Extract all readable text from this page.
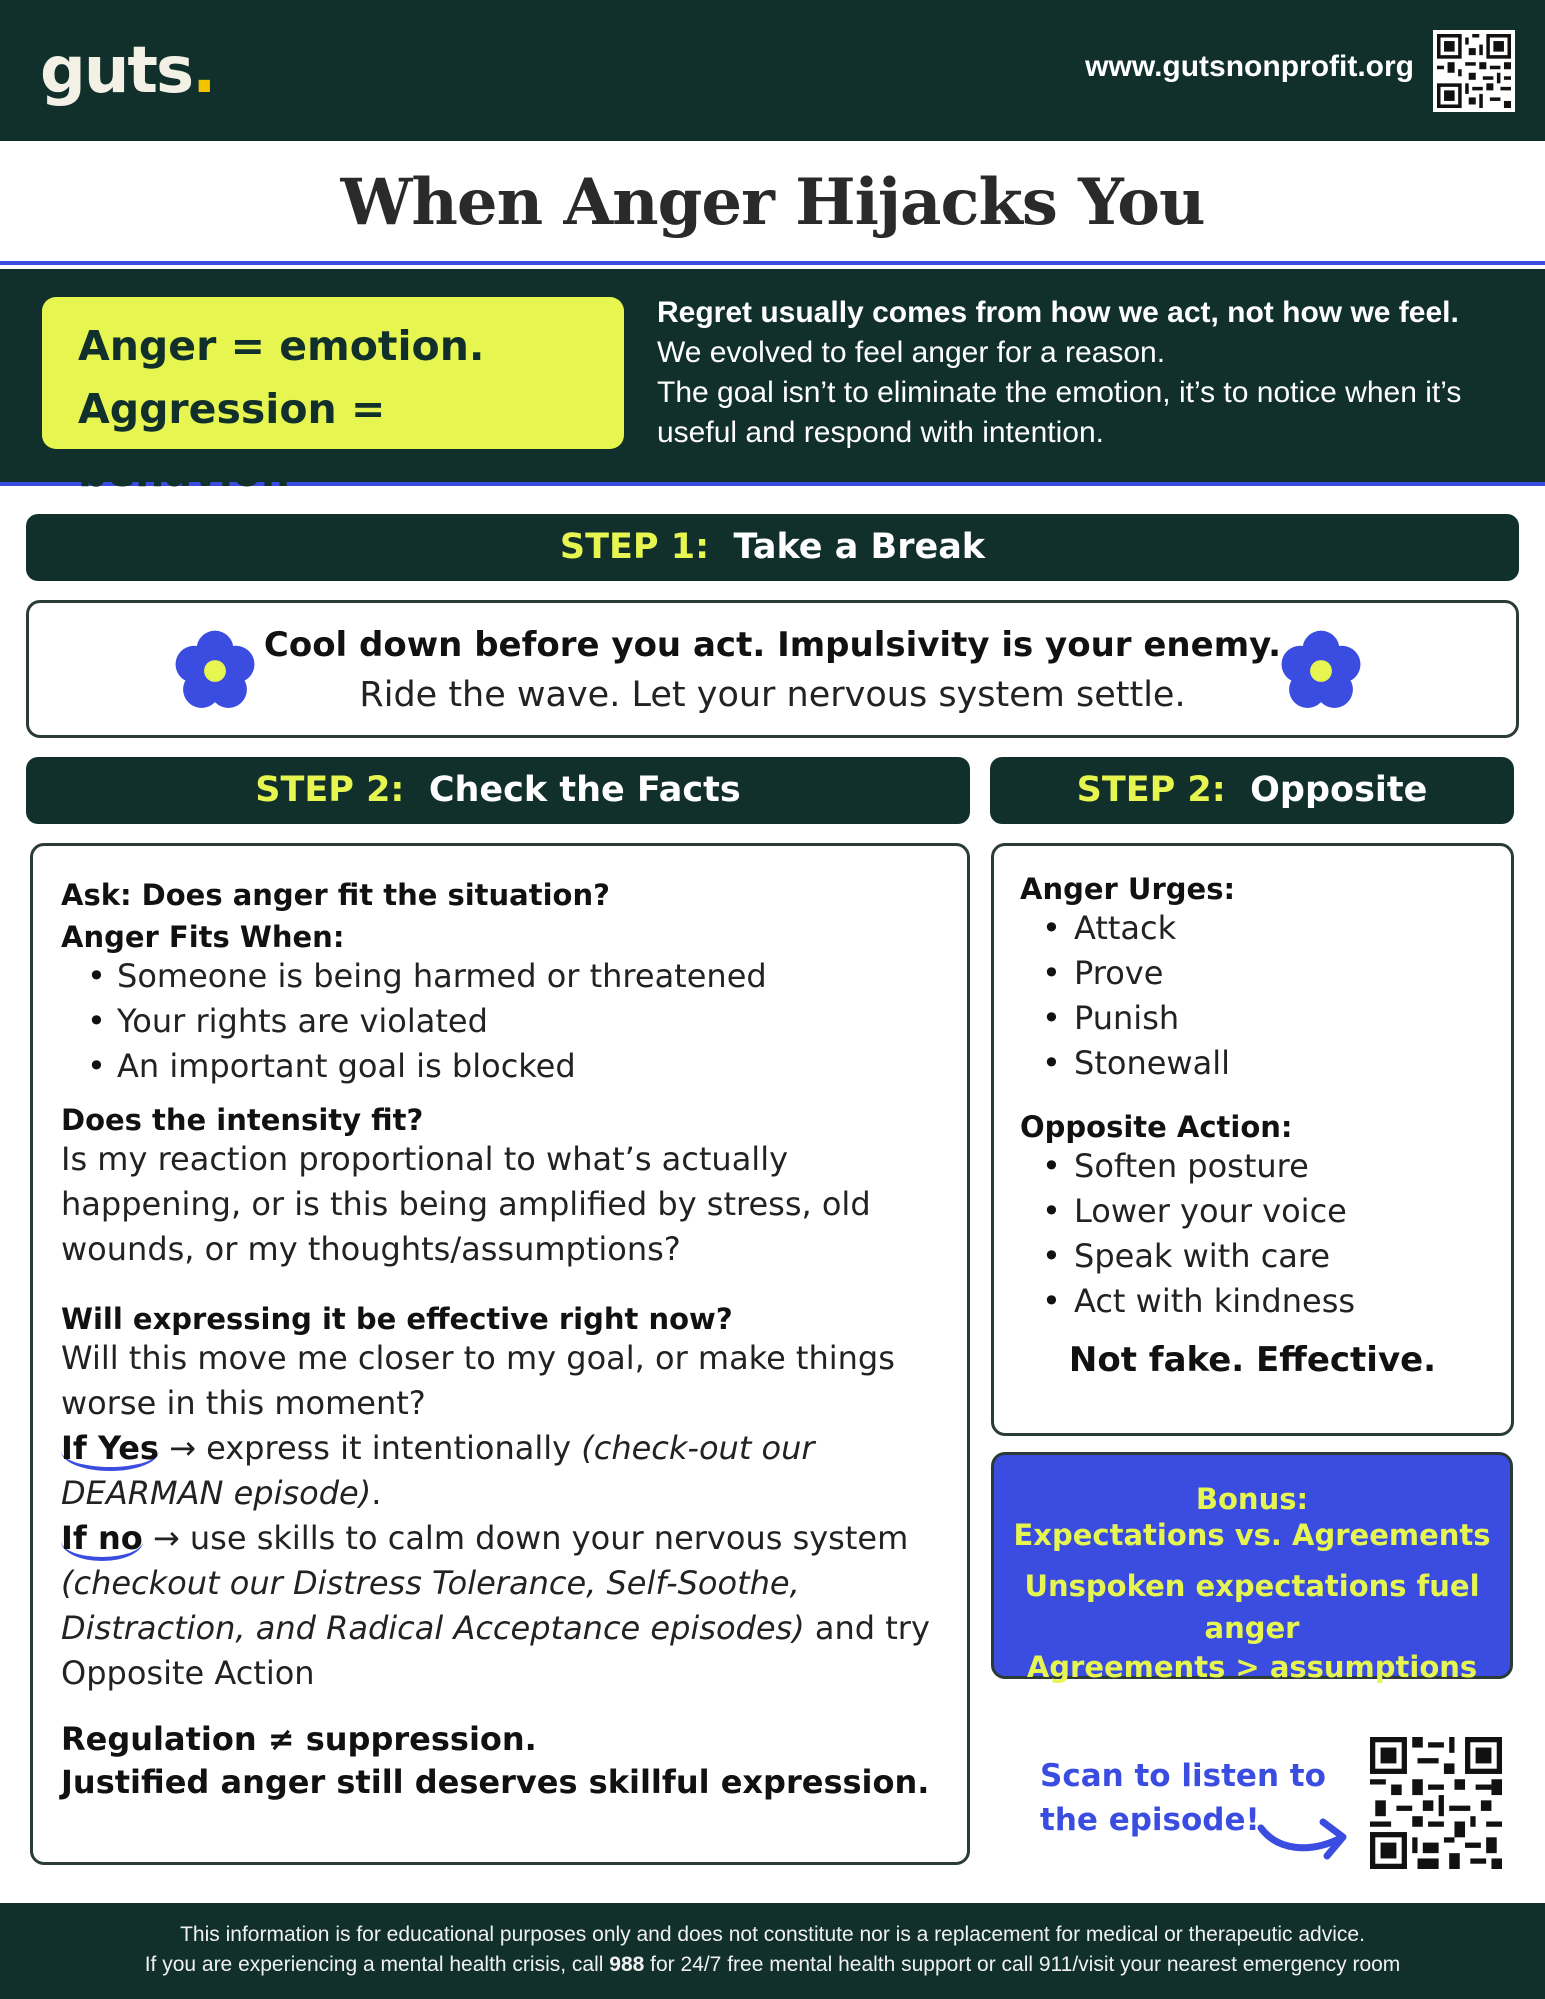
guts.	www.gutsnonprofit.org
When Anger Hijacks You
Anger = emotion.
Aggression = behavior.
Regret usually comes from how we act, not how we feel.
We evolved to feel anger for a reason.
The goal isn’t to eliminate the emotion, it’s to notice when it’s useful and respond with intention.
STEP 1: Take a Break
Cool down before you act. Impulsivity is your enemy.
Ride the wave. Let your nervous system settle.
STEP 2: Check the Facts	STEP 2: Opposite
Ask: Does anger fit the situation?
Anger Fits When:
• Someone is being harmed or threatened
• Your rights are violated
• An important goal is blocked
Does the intensity fit?
Is my reaction proportional to what’s actually happening, or is this being amplified by stress, old wounds, or my thoughts/assumptions?
Will expressing it be effective right now?
Will this move me closer to my goal, or make things worse in this moment?
If Yes → express it intentionally (check-out our DEARMAN episode).
If no → use skills to calm down your nervous system (checkout our Distress Tolerance, Self-Soothe, Distraction, and Radical Acceptance episodes) and try Opposite Action
Regulation ≠ suppression.
Justified anger still deserves skillful expression.
Anger Urges:
• Attack
• Prove
• Punish
• Stonewall
Opposite Action:
• Soften posture
• Lower your voice
• Speak with care
• Act with kindness
Not fake. Effective.
Bonus:
Expectations vs. Agreements
Unspoken expectations fuel anger
Agreements > assumptions
Scan to listen to
the episode!
This information is for educational purposes only and does not constitute nor is a replacement for medical or therapeutic advice.
If you are experiencing a mental health crisis, call 988 for 24/7 free mental health support or call 911/visit your nearest emergency room
